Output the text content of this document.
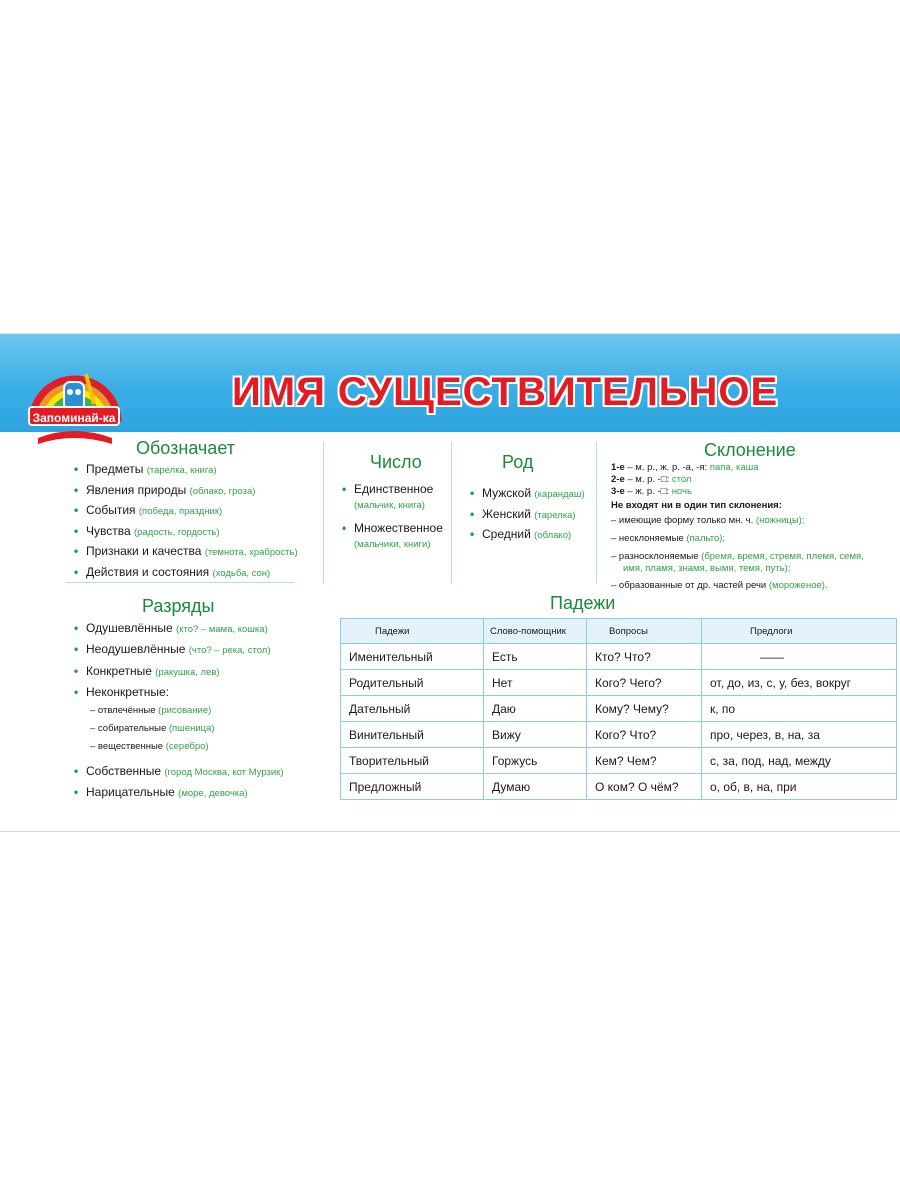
Запоминай-ка
ИМЯ СУЩЕСТВИТЕЛЬНОЕ
Обозначает
• Предметы (тарелка, книга)
• Явления природы (облако, гроза)
• События (победа, праздник)
• Чувства (радость, гордость)
• Признаки и качества (темнота, храбрость)
• Действия и состояния (ходьба, сон)
Число
• Единственное
(мальчик, книга)
• Множественное
(мальчики, книги)
Род
• Мужской (карандаш)
• Женский (тарелка)
• Средний (облако)
Склонение
1-е – м. р., ж. р. -а, -я: папа, каша
2-е – м. р. -□: стол
3-е – ж. р. -□: ночь
Не входят ни в один тип склонения:
– имеющие форму только мн. ч. (ножницы);
– несклоняемые (пальто);
– разносклоняемые (бремя, время, стремя, племя, семя,
имя, пламя, знамя, вымя, темя, путь);
– образованные от др. частей речи (мороженое).
Разряды
• Одушевлённые (кто? – мама, кошка)
• Неодушевлённые (что? – река, стол)
• Конкретные (ракушка, лев)
• Неконкретные:
– отвлечённые (рисование)
– собирательные (пшеница)
– вещественные (серебро)
• Собственные (город Москва, кот Мурзик)
• Нарицательные (море, девочка)
Падежи
Падежи	Слово-помощник	Вопросы	Предлоги
Именительный	Есть	Кто? Что?	——
Родительный	Нет	Кого? Чего?	от, до, из, с, у, без, вокруг
Дательный	Даю	Кому? Чему?	к, по
Винительный	Вижу	Кого? Что?	про, через, в, на, за
Творительный	Горжусь	Кем? Чем?	с, за, под, над, между
Предложный	Думаю	О ком? О чём?	о, об, в, на, при
